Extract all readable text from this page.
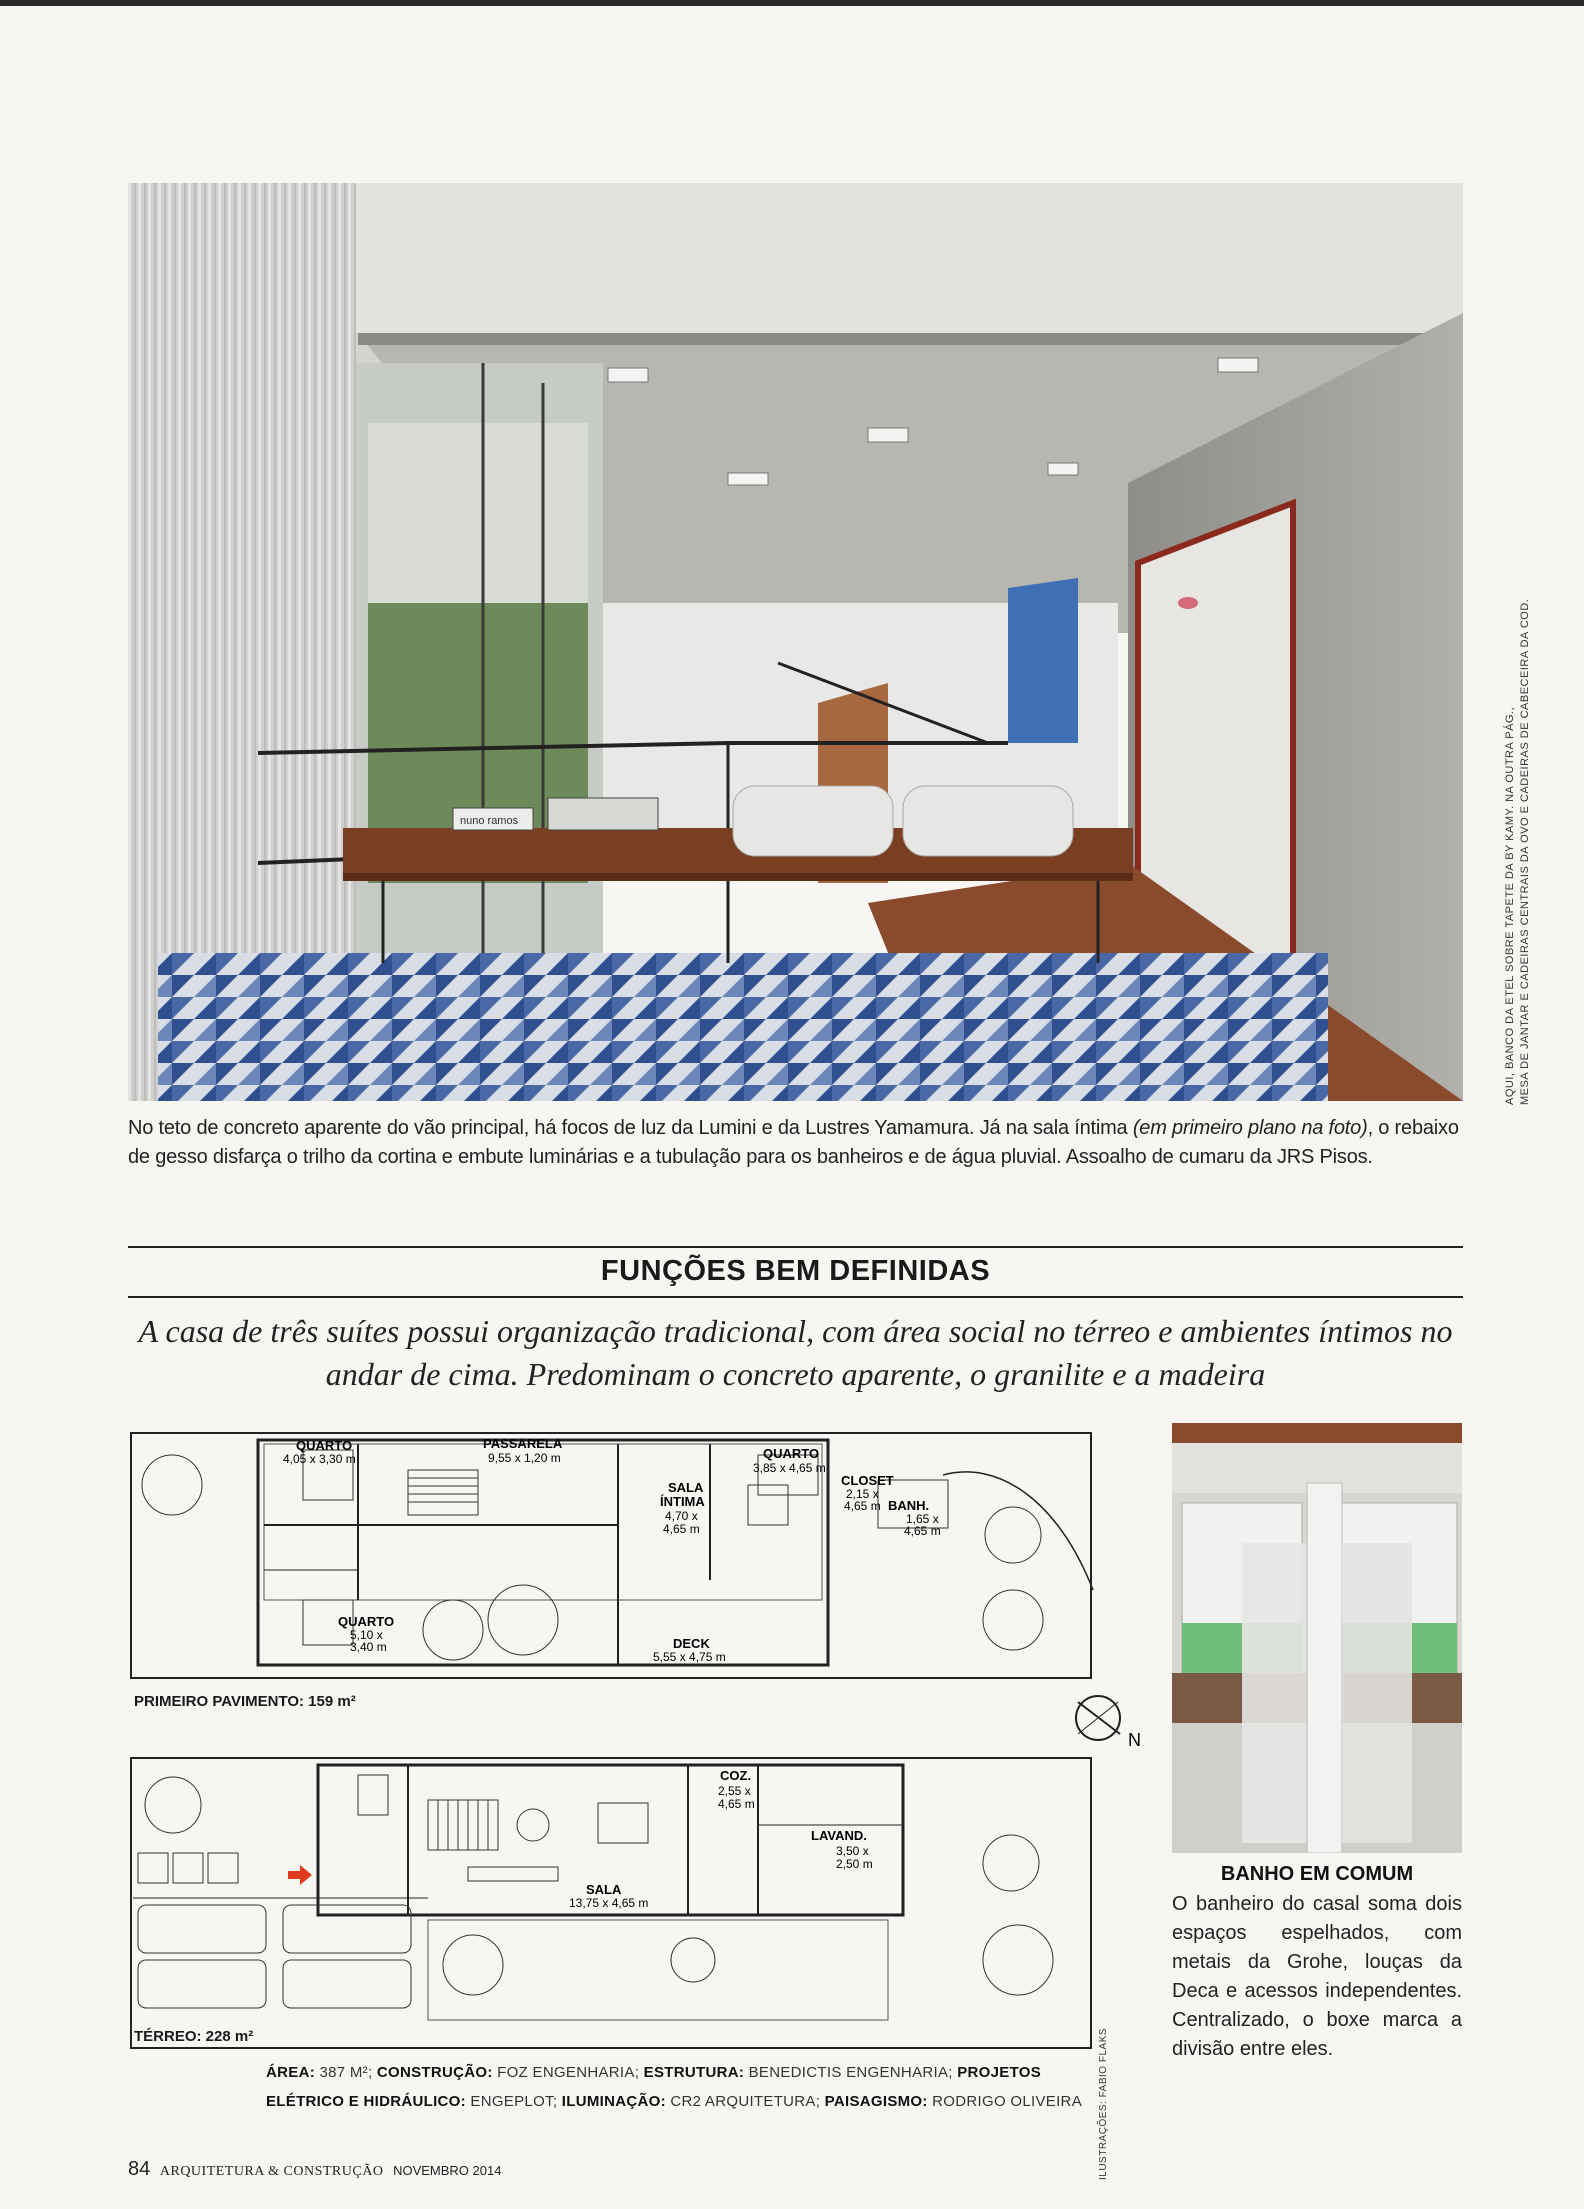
nuno ramos	AQUI, BANCO DA ETEL SOBRE TAPETE DA BY KAMY. NA OUTRA PÁG., MESA DE JANTAR E CADEIRAS CENTRAIS DA OVO E CADEIRAS DE CABECEIRA DA COD.
No teto de concreto aparente do vão principal, há focos de luz da Lumini e da Lustres Yamamura. Já na sala íntima (em primeiro plano na foto), o rebaixo de gesso disfarça o trilho da cortina e embute luminárias e a tubulação para os banheiros e de água pluvial. Assoalho de cumaru da JRS Pisos.
FUNÇÕES BEM DEFINIDAS
A casa de três suítes possui organização tradicional, com área social no térreo e ambientes íntimos no andar de cima. Predominam o concreto aparente, o granilite e a madeira
QUARTO
4,05 x 3,30 m
PASSARELA
9,55 x 1,20 m
SALA
ÍNTIMA
4,70 x
4,65 m
QUARTO
3,85 x 4,65 m
CLOSET
2,15 x
4,65 m BANH.
1,65 x
4,65 m
QUARTO
5,10 x
3,40 m	DECK
5,55 x 4,75 m
PRIMEIRO PAVIMENTO: 159 m²
N
COZ.
2,55 x
4,65 m
SALA
13,75 x 4,65 m
LAVAND.
3,50 x
2,50 m
TÉRREO: 228 m²	ILUSTRAÇÕES: FABIO FLAKS
ÁREA: 387 M²; CONSTRUÇÃO: FOZ ENGENHARIA; ESTRUTURA: BENEDICTIS ENGENHARIA; PROJETOS ELÉTRICO E HIDRÁULICO: ENGEPLOT; ILUMINAÇÃO: CR2 ARQUITETURA; PAISAGISMO: RODRIGO OLIVEIRA
BANHO EM COMUM
O banheiro do casal soma dois espaços espelhados, com metais da Grohe, louças da Deca e acessos independentes. Centralizado, o boxe marca a divisão entre eles.
84 ARQUITETURA & CONSTRUÇÃO NOVEMBRO 2014
